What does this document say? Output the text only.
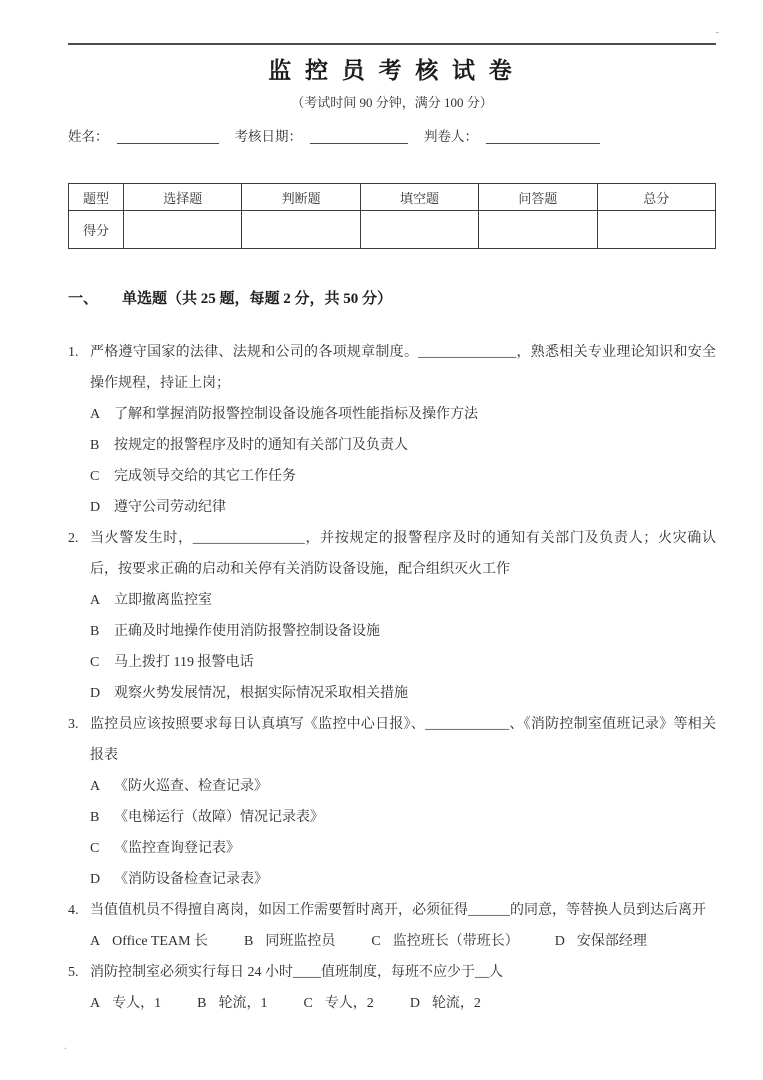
-
监 控 员 考 核 试 卷
（考试时间 90 分钟，满分 100 分）
姓名：	考核日期：	判卷人：
题型	选择题	判断题	填空题	问答题	总分
得分					
一、 单选题（共 25 题，每题 2 分，共 50 分）
1. 严格遵守国家的法律、法规和公司的各项规章制度。______________，熟悉相关专业理论知识和安全操作规程，持证上岗；
A 了解和掌握消防报警控制设备设施各项性能指标及操作方法
B	按规定的报警程序及时的通知有关部门及负责人
C	完成领导交给的其它工作任务
D 遵守公司劳动纪律
2. 当火警发生时，________________，并按规定的报警程序及时的通知有关部门及负责人；火灾确认后，按要求正确的启动和关停有关消防设备设施，配合组织灭火工作
A 立即撤离监控室
B	正确及时地操作使用消防报警控制设备设施
C	马上拨打 119 报警电话
D 观察火势发展情况，根据实际情况采取相关措施
3. 监控员应该按照要求每日认真填写《监控中心日报》、____________、《消防控制室值班记录》等相关报表
A 《防火巡查、检查记录》
B	《电梯运行（故障）情况记录表》
C	《监控查询登记表》
D 《消防设备检查记录表》
4. 当值值机员不得擅自离岗，如因工作需要暂时离开，必须征得______的同意，等替换人员到达后离开
A Office TEAM 长	B 同班监控员	C 监控班长（带班长）	D 安保部经理
5. 消防控制室必须实行每日 24 小时____值班制度，每班不应少于__人
A 专人，1	B 轮流，1	C 专人，2	D 轮流，2
.
